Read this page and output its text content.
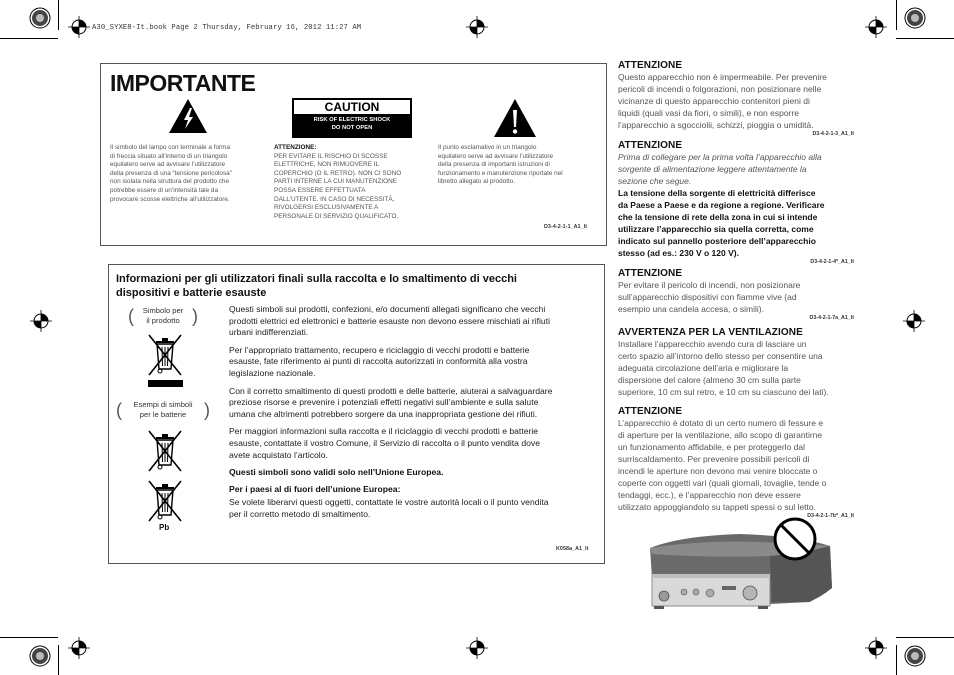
A30_SYXE8-It.book Page 2 Thursday, February 16, 2012 11:27 AM
IMPORTANTE
CAUTION
RISK OF ELECTRIC SHOCK
DO NOT OPEN
Il simbolo del lampo con terminale a forma
di freccia situato all’interno di un triangolo
equilatero serve ad avvisare l’utilizzatore
della presenza di una “tensione pericolosa”
non isolata nella struttura del prodotto che
potrebbe essere di un’intensità tale da
provocare scosse elettriche all’utilizzatore.
ATTENZIONE:
PER EVITARE IL RISCHIO DI SCOSSE
ELETTRICHE, NON RIMUOVERE IL
COPERCHIO (O IL RETRO). NON CI SONO
PARTI INTERNE LA CUI MANUTENZIONE
POSSA ESSERE EFFETTUATA
DALL’UTENTE. IN CASO DI NECESSITÀ,
RIVOLGERSI ESCLUSIVAMENTE A
PERSONALE DI SERVIZIO QUALIFICATO.
Il punto esclamativo in un triangolo
equilatero serve ad avvisare l’utilizzatore
della presenza di importanti istruzioni di
funzionamento e manutenzione riportate nel
libretto allegato al prodotto.
D3-4-2-1-1_A1_It
Informazioni per gli utilizzatori finali sulla raccolta e lo smaltimento di vecchi
dispositivi e batterie esauste
(	Simbolo per
il prodotto )
(	Esempi di simboli
per le batterie )
Pb
Questi simboli sui prodotti, confezioni, e/o documenti allegati significano che vecchi
prodotti elettrici ed elettronici e batterie esauste non devono essere mischiati ai rifiuti
urbani indifferenziati.
Per l’appropriato trattamento, recupero e riciclaggio di vecchi prodotti e batterie
esauste, fate riferimento ai punti di raccolta autorizzati in conformità alla vostra
legislazione nazionale.
Con il corretto smaltimento di questi prodotti e delle batterie, aiuterai a salvaguardare
preziose risorse e prevenire i potenziali effetti negativi sull’ambiente e sulla salute
umana che altrimenti potrebbero sorgere da una inappropriata gestione dei rifiuti.
Per maggiori informazioni sulla raccolta e il riciclaggio di vecchi prodotti e batterie
esauste, contattate il vostro Comune, il Servizio di raccolta o il punto vendita dove
avete acquistato l’articolo.
Questi simboli sono validi solo nell’Unione Europea.
Per i paesi al di fuori dell’unione Europea:
Se volete liberarvi questi oggetti, contattate le vostre autorità locali o il punto vendita
per il corretto metodo di smaltimento.
K058a_A1_It
ATTENZIONE
Questo apparecchio non è impermeabile. Per prevenire
pericoli di incendi o folgorazioni, non posizionare nelle
vicinanze di questo apparecchio contenitori pieni di
liquidi (quali vasi da fiori, o simili), e non esporre
l’apparecchio a sgocciolii, schizzi, pioggia o umidità.
D3-4-2-1-3_A1_It
ATTENZIONE
Prima di collegare per la prima volta l’apparecchio alla
sorgente di alimentazione leggere attentamente la
sezione che segue.
La tensione della sorgente di elettricità differisce
da Paese a Paese e da regione a regione. Verificare
che la tensione di rete della zona in cui si intende
utilizzare l’apparecchio sia quella corretta, come
indicato sul pannello posteriore dell’apparecchio
stesso (ad es.: 230 V o 120 V).
D3-4-2-1-4*_A1_It
ATTENZIONE
Per evitare il pericolo di incendi, non posizionare
sull’apparecchio dispositivi con fiamme vive (ad
esempio una candela accesa, o simili).
D3-4-2-1-7a_A1_It
AVVERTENZA PER LA VENTILAZIONE
Installare l’apparecchio avendo cura di lasciare un
certo spazio all’intorno dello stesso per consentire una
adeguata circolazione dell’aria e migliorare la
dispersione del calore (almeno 30 cm sulla parte
superiore, 10 cm sul retro, e 10 cm su ciascuno dei lati).
ATTENZIONE
L’apparecchio è dotato di un certo numero di fessure e
di aperture per la ventilazione, allo scopo di garantirne
un funzionamento affidabile, e per proteggerlo dal
surriscaldamento. Per prevenire possibili pericoli di
incendi le aperture non devono mai venire bloccate o
coperte con oggetti vari (quali giornali, tovaglie, tende o
tendaggi, ecc.), e l’apparecchio non deve essere
utilizzato appoggiandolo su tappeti spessi o sul letto.
D3-4-2-1-7b*_A1_It
